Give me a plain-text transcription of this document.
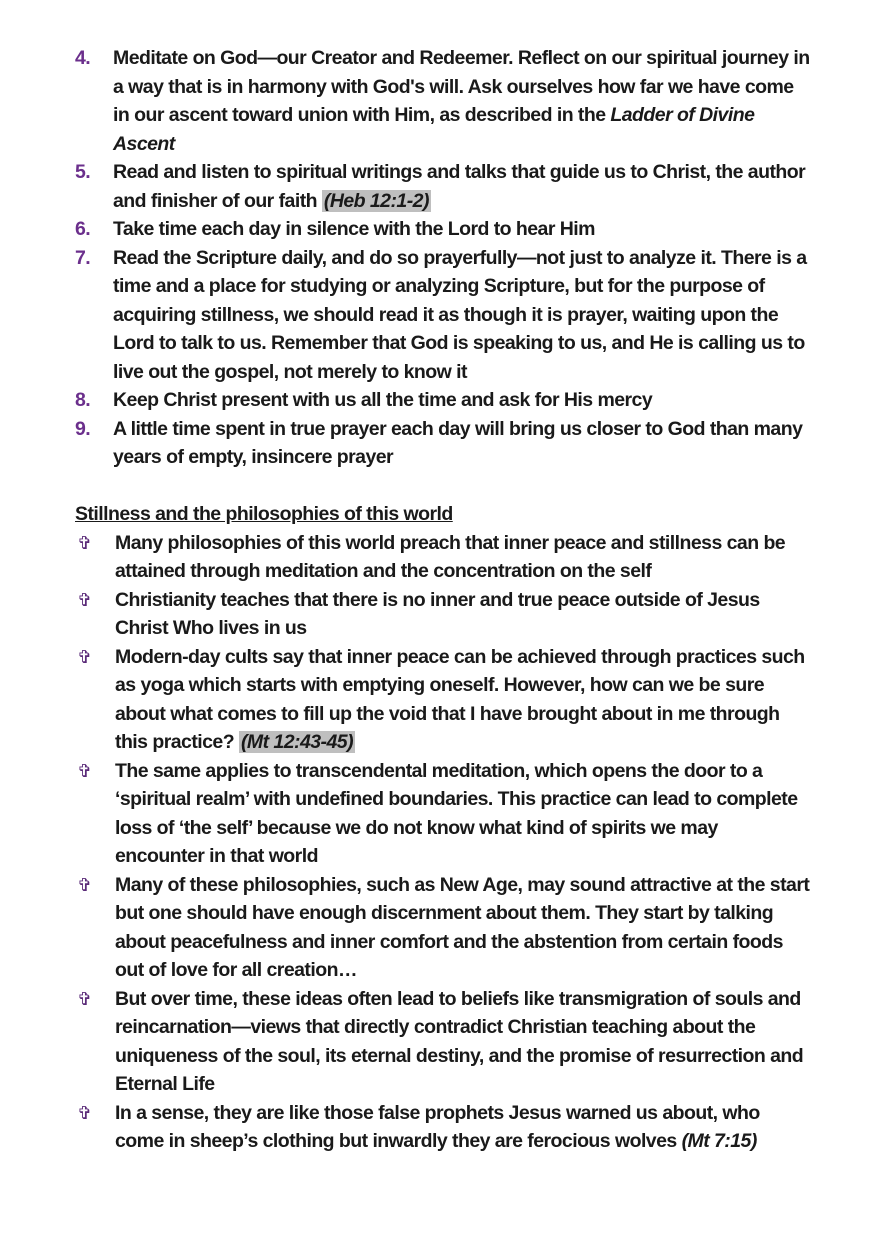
4.	Meditate on God—our Creator and Redeemer. Reflect on our spiritual journey in a way that is in harmony with God's will. Ask ourselves how far we have come in our ascent toward union with Him, as described in the Ladder of Divine Ascent
5.	Read and listen to spiritual writings and talks that guide us to Christ, the author and finisher of our faith (Heb 12:1-2)
6.	Take time each day in silence with the Lord to hear Him
7.	Read the Scripture daily, and do so prayerfully—not just to analyze it. There is a time and a place for studying or analyzing Scripture, but for the purpose of acquiring stillness, we should read it as though it is prayer, waiting upon the Lord to talk to us. Remember that God is speaking to us, and He is calling us to live out the gospel, not merely to know it
8.	Keep Christ present with us all the time and ask for His mercy
9.	A little time spent in true prayer each day will bring us closer to God than many years of empty, insincere prayer
Stillness and the philosophies of this world
✞	Many philosophies of this world preach that inner peace and stillness can be attained through meditation and the concentration on the self
✞	Christianity teaches that there is no inner and true peace outside of Jesus Christ Who lives in us
✞	Modern-day cults say that inner peace can be achieved through practices such as yoga which starts with emptying oneself. However, how can we be sure about what comes to fill up the void that I have brought about in me through this practice? (Mt 12:43-45)
✞	The same applies to transcendental meditation, which opens the door to a ‘spiritual realm’ with undefined boundaries. This practice can lead to complete loss of ‘the self’ because we do not know what kind of spirits we may encounter in that world
✞	Many of these philosophies, such as New Age, may sound attractive at the start but one should have enough discernment about them. They start by talking about peacefulness and inner comfort and the abstention from certain foods out of love for all creation…
✞	But over time, these ideas often lead to beliefs like transmigration of souls and reincarnation—views that directly contradict Christian teaching about the uniqueness of the soul, its eternal destiny, and the promise of resurrection and Eternal Life
✞	In a sense, they are like those false prophets Jesus warned us about, who come in sheep’s clothing but inwardly they are ferocious wolves (Mt 7:15)
